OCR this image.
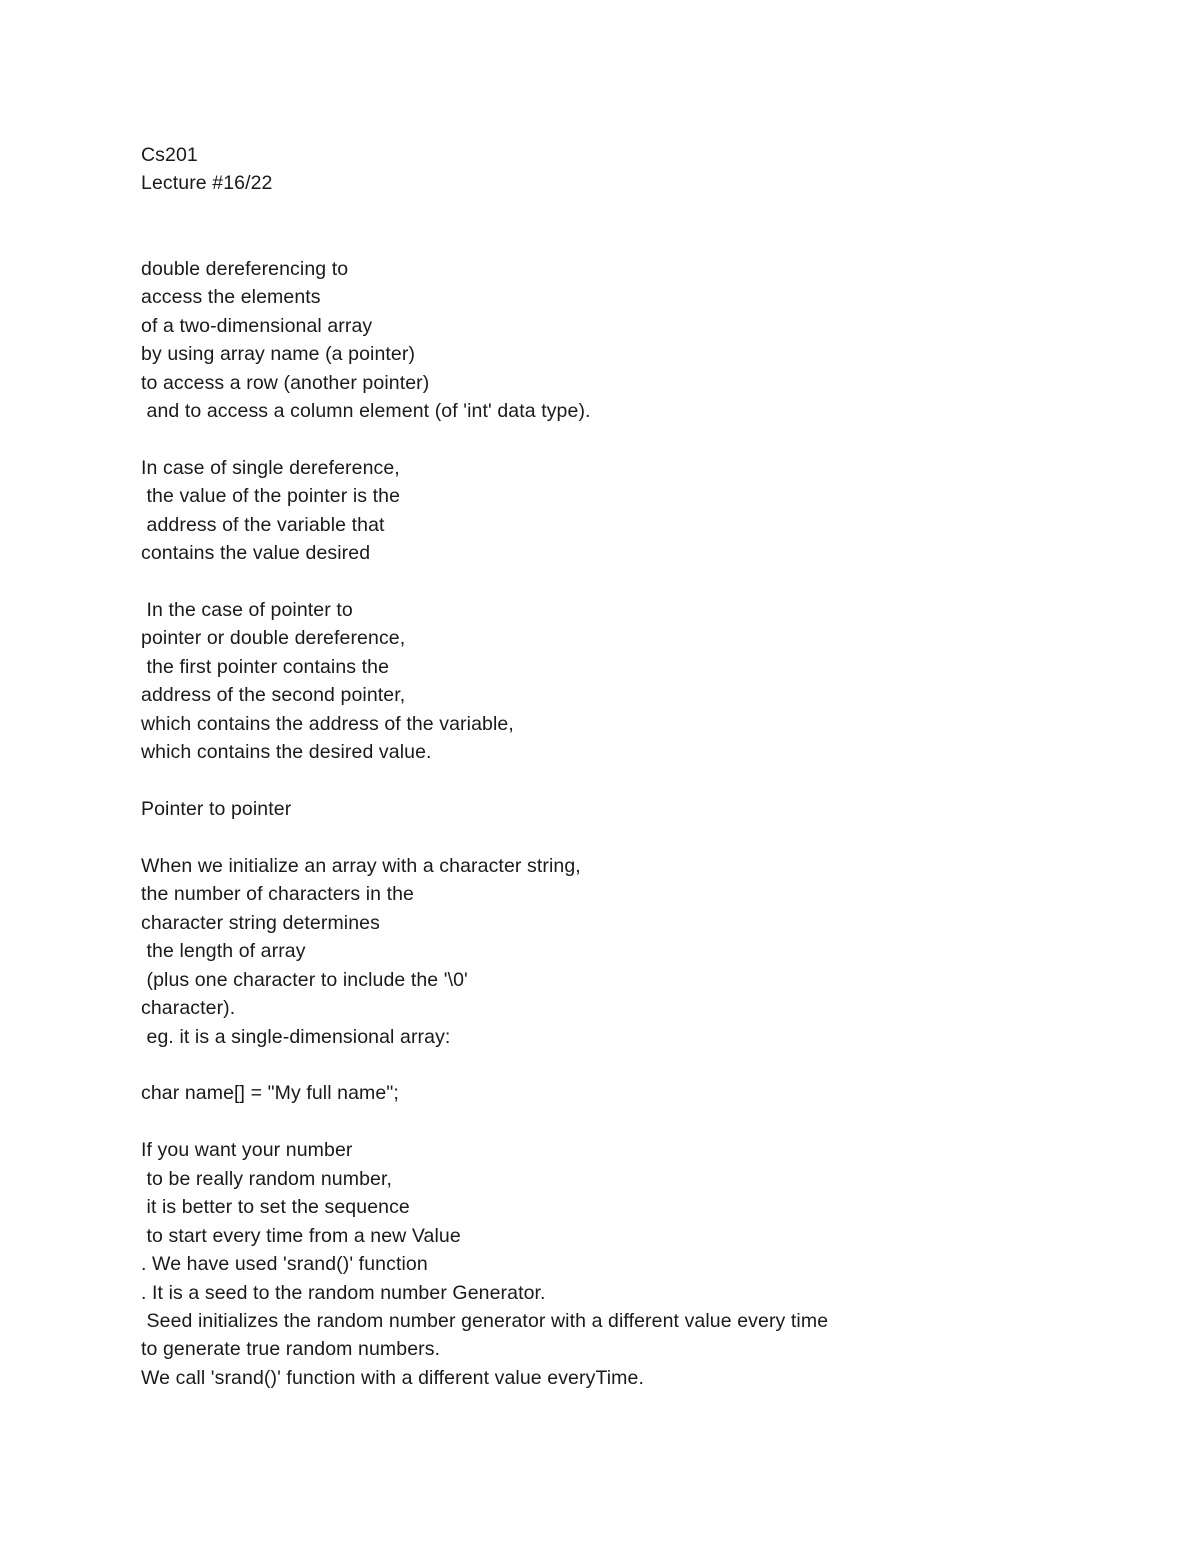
Cs201
Lecture #16/22
double dereferencing to
access the elements
of a two-dimensional array
by using array name (a pointer)
to access a row (another pointer)
and to access a column element (of 'int' data type).
In case of single dereference,
the value of the pointer is the
address of the variable that
contains the value desired
In the case of pointer to
pointer or double dereference,
the first pointer contains the
address of the second pointer,
which contains the address of the variable,
which contains the desired value.
Pointer to pointer
When we initialize an array with a character string,
the number of characters in the
character string determines
the length of array
(plus one character to include the '\0'
character).
eg. it is a single-dimensional array:
char name[] = "My full name";
If you want your number
to be really random number,
it is better to set the sequence
to start every time from a new Value
. We have used 'srand()' function
. It is a seed to the random number Generator.
Seed initializes the random number generator with a different value every time
to generate true random numbers.
We call 'srand()' function with a different value everyTime.
